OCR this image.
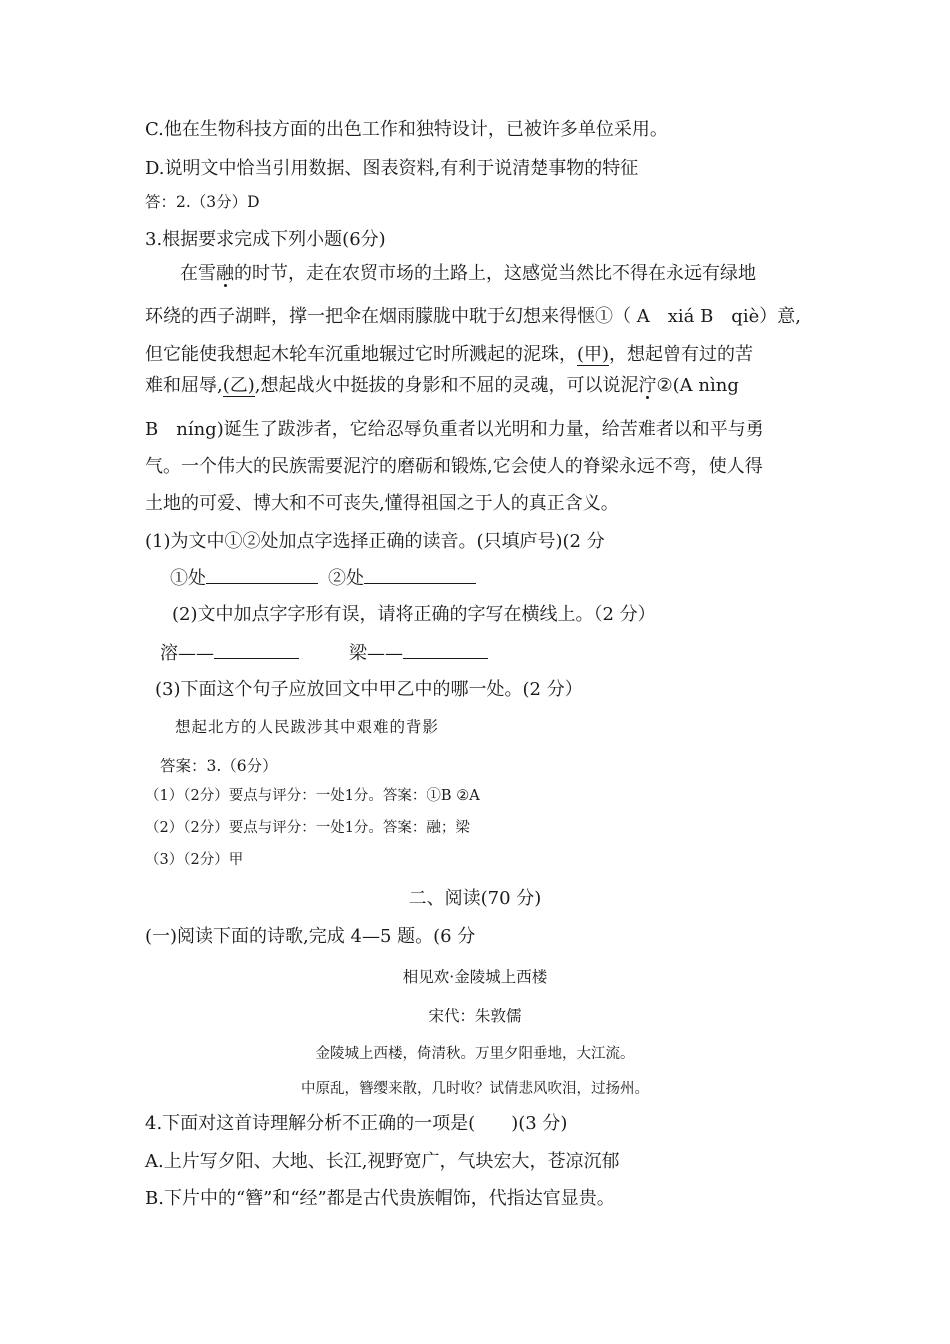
C.他在生物科技方面的出色工作和独特设计，已被许多单位采用。
D.说明文中恰当引用数据、图表资料,有利于说清楚事物的特征
答：2.（3分）D
3.根据要求完成下列小题(6分)
在雪融的时节，走在农贸市场的土路上，这感觉当然比不得在永远有绿地
环绕的西子湖畔，撑一把伞在烟雨朦胧中耽于幻想来得惬①（ A　xiá B　qiè）意,
但它能使我想起木轮车沉重地辗过它时所溅起的泥珠，(甲)，想起曾有过的苦
难和屈辱,(乙),想起战火中挺拔的身影和不屈的灵魂，可以说泥泞②(A nìng
B　níng)诞生了跋涉者，它给忍辱负重者以光明和力量，给苦难者以和平与勇
气。一个伟大的民族需要泥泞的磨砺和锻炼,它会使人的脊梁永远不弯，使人得
土地的可爱、博大和不可丧失,懂得祖国之于人的真正含义。
(1)为文中①②处加点字选择正确的读音。(只填庐号)(2 分
①处	②处
(2)文中加点字字形有误，请将正确的字写在横线上。（2 分）
溶——	梁——
(3)下面这个句子应放回文中甲乙中的哪一处。(2 分）
想起北方的人民跋涉其中艰难的背影
答案：3.（6分）
（1）（2分）要点与评分：一处1分。答案：①B ②A
（2）（2分）要点与评分：一处1分。答案：融；梁
（3）（2分）甲
二、阅读(70 分)
(一)阅读下面的诗歌,完成 4—5 题。(6 分
相见欢·金陵城上西楼
宋代：朱敦儒
金陵城上西楼，倚清秋。万里夕阳垂地，大江流。
中原乱，簪缨来散，几时收？试倩悲风吹泪，过扬州。
4.下面对这首诗理解分析不正确的一项是(　　)(3 分)
A.上片写夕阳、大地、长江,视野宽广，气块宏大，苍凉沉郁
B.下片中的“簪”和“经”都是古代贵族帽饰，代指达官显贵。
